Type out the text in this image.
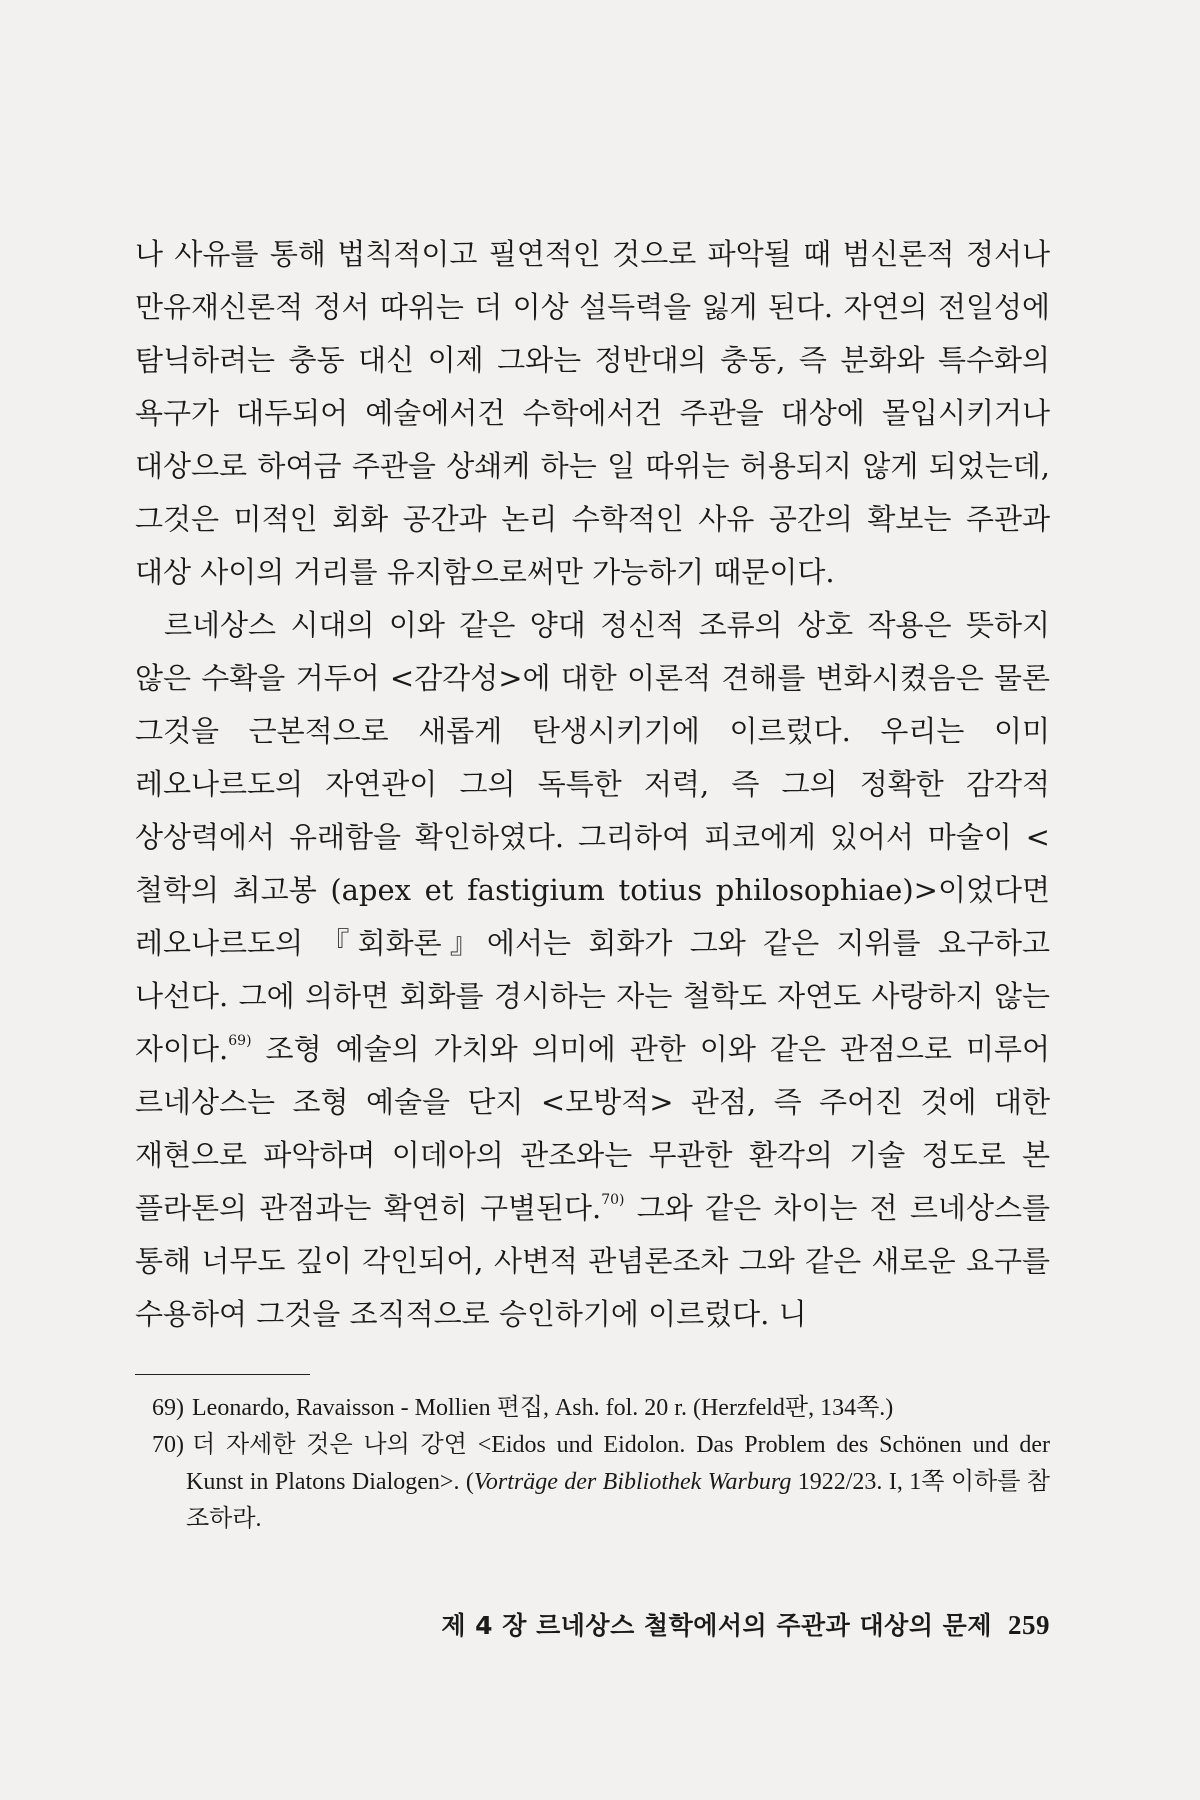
나 사유를 통해 법칙적이고 필연적인 것으로 파악될 때 범신론적 정서나 만유재신론적 정서 따위는 더 이상 설득력을 잃게 된다. 자연의 전일성에 탐닉하려는 충동 대신 이제 그와는 정반대의 충동, 즉 분화와 특수화의 욕구가 대두되어 예술에서건 수학에서건 주관을 대상에 몰입시키거나 대상으로 하여금 주관을 상쇄케 하는 일 따위는 허용되지 않게 되었는데, 그것은 미적인 회화 공간과 논리 수학적인 사유 공간의 확보는 주관과 대상 사이의 거리를 유지함으로써만 가능하기 때문이다.

르네상스 시대의 이와 같은 양대 정신적 조류의 상호 작용은 뜻하지 않은 수확을 거두어 <감각성>에 대한 이론적 견해를 변화시켰음은 물론 그것을 근본적으로 새롭게 탄생시키기에 이르렀다. 우리는 이미 레오나르도의 자연관이 그의 독특한 저력, 즉 그의 정확한 감각적 상상력에서 유래함을 확인하였다. 그리하여 피코에게 있어서 마술이 <철학의 최고봉 (apex et fastigium totius philosophiae)>이었다면 레오나르도의 『회화론』에서는 회화가 그와 같은 지위를 요구하고 나선다. 그에 의하면 회화를 경시하는 자는 철학도 자연도 사랑하지 않는 자이다.$^{69)}$ 조형 예술의 가치와 의미에 관한 이와 같은 관점으로 미루어 르네상스는 조형 예술을 단지 <모방적> 관점, 즉 주어진 것에 대한 재현으로 파악하며 이데아의 관조와는 무관한 환각의 기술 정도로 본 플라톤의 관점과는 확연히 구별된다.$^{70)}$ 그와 같은 차이는 전 르네상스를 통해 너무도 깊이 각인되어, 사변적 관념론조차 그와 같은 새로운 요구를 수용하여 그것을 조직적으로 승인하기에 이르렀다. 니

69) Leonardo, Ravaisson - Mollien 편집, Ash. fol. 20 r. (Herzfeld판, 134쪽.)
70) 더 자세한 것은 나의 강연 <Eidos und Eidolon. Das Problem des Schönen und der Kunst in Platons Dialogen>. (Vorträge der Bibliothek Warburg 1922/23. I, 1쪽 이하를 참조하라.
제 4 장 르네상스 철학에서의 주관과 대상의 문제 259
